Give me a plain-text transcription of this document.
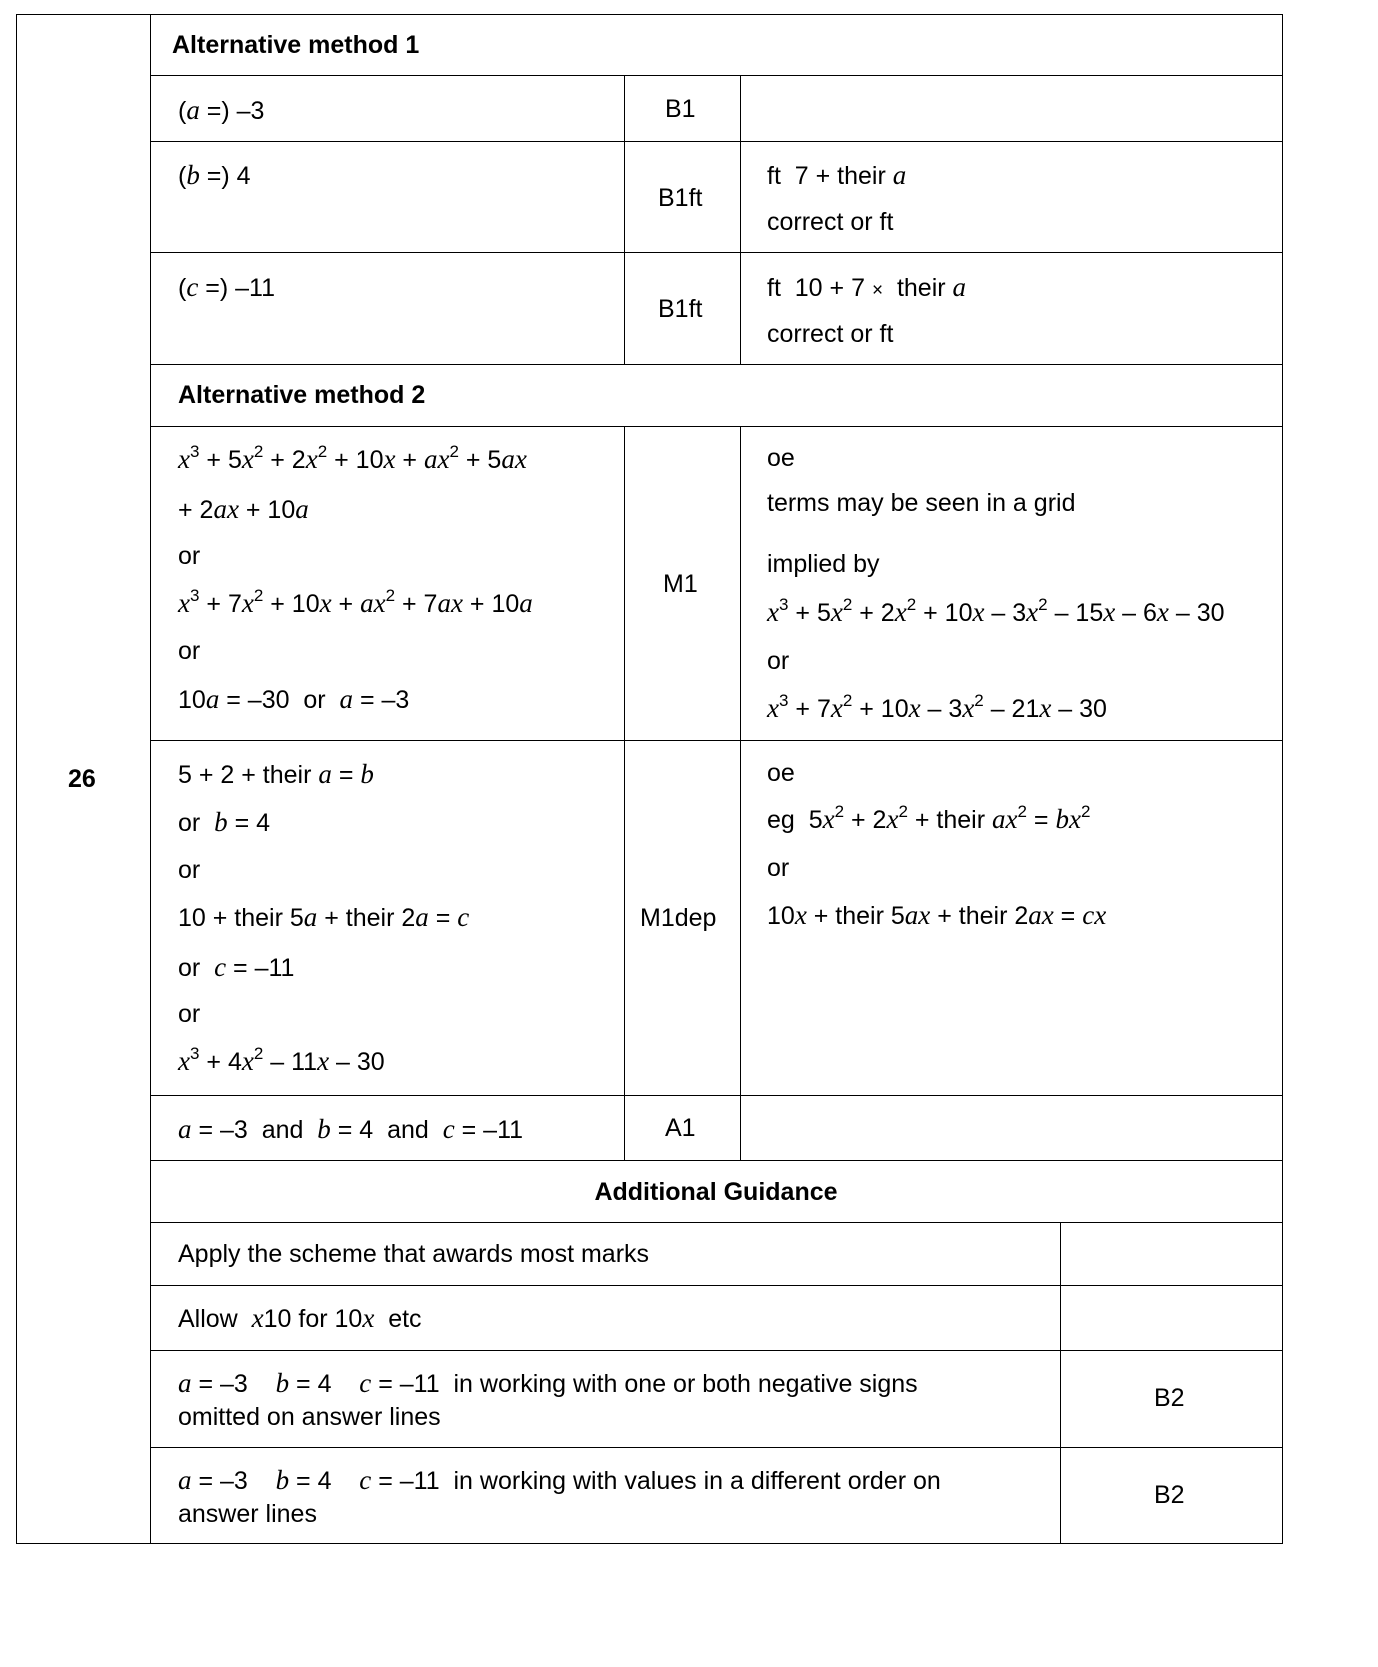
26
Alternative method 1
(a =) –3	B1
(b =) 4
B1ft
ft  7 + their a
correct or ft
(c =) –11
B1ft
ft  10 + 7 ×  their a
correct or ft
Alternative method 2
$x^3 + 5x^2 + 2x^2 + 10x + ax^2 + 5ax$
+ 2ax + 10a
or
$x^3 + 7x^2 + 10x + ax^2 + 7ax + 10a$
or
10a = –30  or  a = –3
M1
oe
terms may be seen in a grid
implied by
$x^3 + 5x^2 + 2x^2 + 10x - 3x^2 - 15x - 6x - 30$
or
$x^3 + 7x^2 + 10x - 3x^2 - 21x - 30$
5 + 2 + their a = b
or  b = 4
or
10 + their 5a + their 2a = c
or  c = –11
or
$x^3 + 4x^2 - 11x - 30$
M1dep
oe
eg  $5x^2 + 2x^2$ + their $ax^2 = bx^2$
or
10x + their 5ax + their 2ax = cx
a = –3  and  b = 4  and  c = –11	A1
Additional Guidance
Apply the scheme that awards most marks
Allow  x10 for 10x  etc
a = –3    b = 4    c = –11  in working with one or both negative signs
omitted on answer lines
B2
a = –3    b = 4    c = –11  in working with values in a different order on
answer lines
B2
